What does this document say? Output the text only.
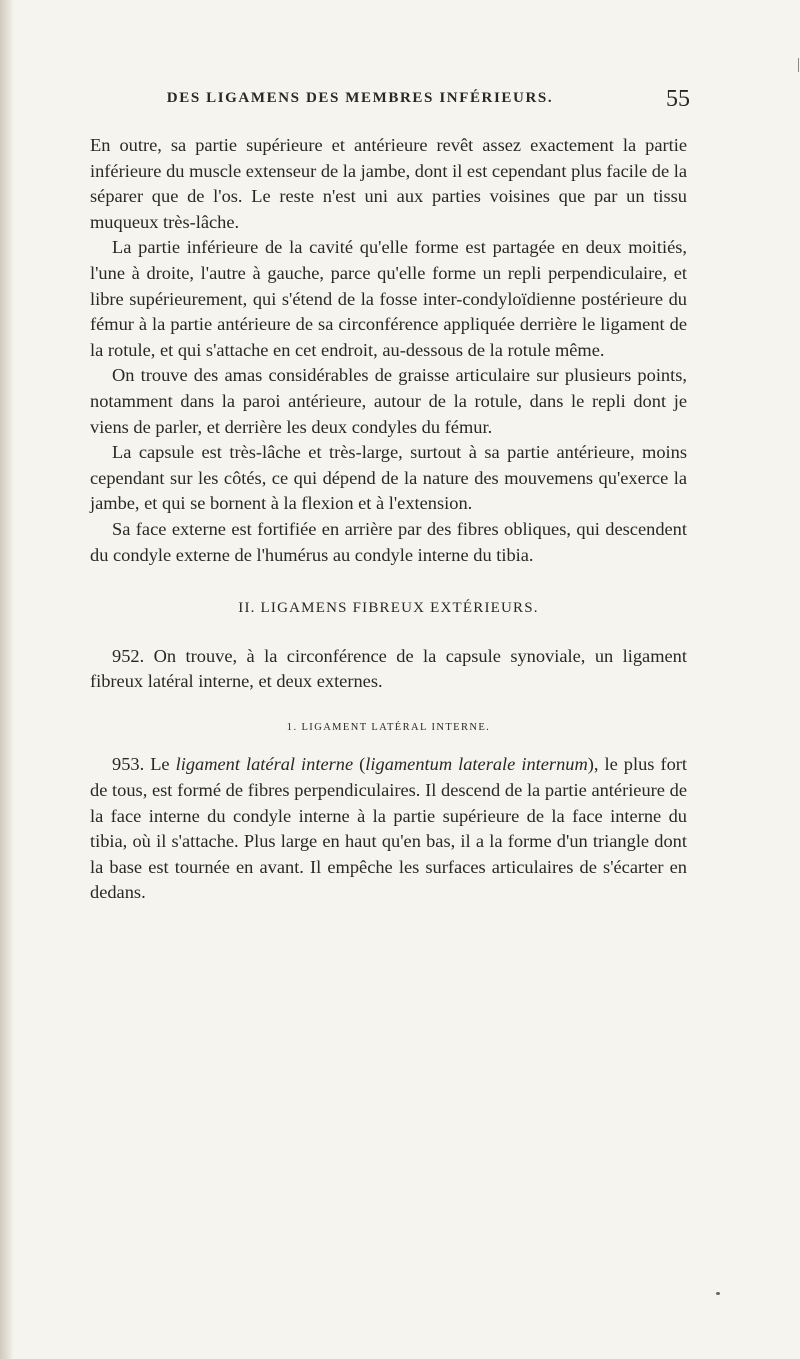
DES LIGAMENS DES MEMBRES INFÉRIEURS.	55

En outre, sa partie supérieure et antérieure revêt assez exactement la partie inférieure du muscle extenseur de la jambe, dont il est cependant plus facile de la séparer que de l'os. Le reste n'est uni aux parties voisines que par un tissu muqueux très-lâche.

La partie inférieure de la cavité qu'elle forme est partagée en deux moitiés, l'une à droite, l'autre à gauche, parce qu'elle forme un repli perpendiculaire, et libre supérieurement, qui s'étend de la fosse inter-condyloïdienne postérieure du fémur à la partie antérieure de sa circonférence appliquée derrière le ligament de la rotule, et qui s'attache en cet endroit, au-dessous de la rotule même.

On trouve des amas considérables de graisse articulaire sur plusieurs points, notamment dans la paroi antérieure, autour de la rotule, dans le repli dont je viens de parler, et derrière les deux condyles du fémur.

La capsule est très-lâche et très-large, surtout à sa partie antérieure, moins cependant sur les côtés, ce qui dépend de la nature des mouvemens qu'exerce la jambe, et qui se bornent à la flexion et à l'extension.

Sa face externe est fortifiée en arrière par des fibres obliques, qui descendent du condyle externe de l'humérus au condyle interne du tibia.

II. LIGAMENS FIBREUX EXTÉRIEURS.

952. On trouve, à la circonférence de la capsule synoviale, un ligament fibreux latéral interne, et deux externes.

1. LIGAMENT LATÉRAL INTERNE.

953. Le ligament latéral interne (ligamentum laterale internum), le plus fort de tous, est formé de fibres perpendiculaires. Il descend de la partie antérieure de la face interne du condyle interne à la partie supérieure de la face interne du tibia, où il s'attache. Plus large en haut qu'en bas, il a la forme d'un triangle dont la base est tournée en avant. Il empêche les surfaces articulaires de s'écarter en dedans.
